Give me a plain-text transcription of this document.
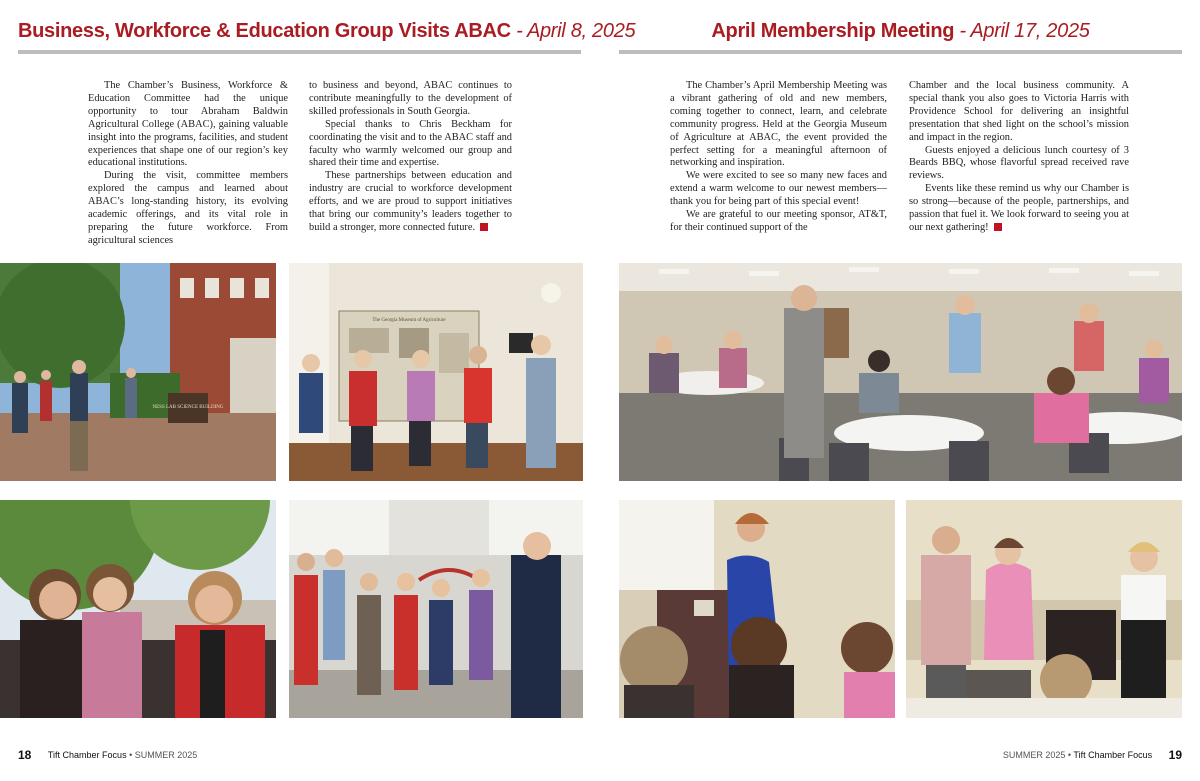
Business, Workforce & Education Group Visits ABAC - April 8, 2025

The Chamber’s Business, Workforce & Education Committee had the unique opportunity to tour Abraham Baldwin Agricultural College (ABAC), gaining valuable insight into the programs, facilities, and student experiences that shape one of our region’s key educational institutions.

During the visit, committee members explored the campus and learned about ABAC’s long-standing history, its evolving academic offerings, and its vital role in preparing the future workforce. From agricultural sciences

to business and beyond, ABAC continues to contribute meaningfully to the development of skilled professionals in South Georgia.

Special thanks to Chris Beckham for coordinating the visit and to the ABAC staff and faculty who warmly welcomed our group and shared their time and expertise.

These partnerships between education and industry are crucial to workforce development efforts, and we are proud to support initiatives that bring our community’s leaders together to build a stronger, more connected future.

NESS LAB SCIENCE BUILDING
The Georgia Museum of Agriculture
April Membership Meeting - April 17, 2025

The Chamber’s April Membership Meeting was a vibrant gathering of old and new members, coming together to connect, learn, and celebrate community progress. Held at the Georgia Museum of Agriculture at ABAC, the event provided the perfect setting for a meaningful afternoon of networking and inspiration.

We were excited to see so many new faces and extend a warm welcome to our newest members—thank you for being part of this special event!

We are grateful to our meeting sponsor, AT&T, for their continued support of the

Chamber and the local business community. A special thank you also goes to Victoria Harris with Providence School for delivering an insightful presentation that shed light on the school’s mission and impact in the region.

Guests enjoyed a delicious lunch courtesy of 3 Beards BBQ, whose flavorful spread received rave reviews.

Events like these remind us why our Chamber is so strong—because of the people, partnerships, and passion that fuel it. We look forward to seeing you at our next gathering!

18 Tift Chamber Focus • SUMMER 2025	SUMMER 2025 • Tift Chamber Focus 19
